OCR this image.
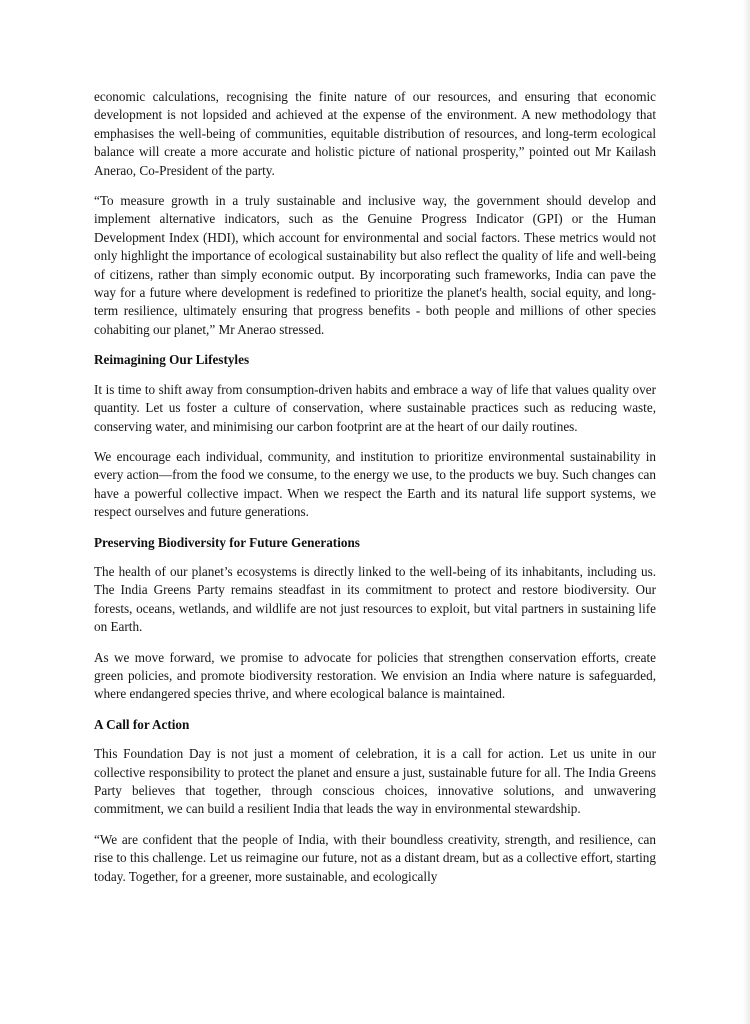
economic calculations, recognising the finite nature of our resources, and ensuring that economic development is not lopsided and achieved at the expense of the environment. A new methodology that emphasises the well-being of communities, equitable distribution of resources, and long-term ecological balance will create a more accurate and holistic picture of national prosperity,” pointed out Mr Kailash Anerao, Co-President of the party.

“To measure growth in a truly sustainable and inclusive way, the government should develop and implement alternative indicators, such as the Genuine Progress Indicator (GPI) or the Human Development Index (HDI), which account for environmental and social factors. These metrics would not only highlight the importance of ecological sustainability but also reflect the quality of life and well-being of citizens, rather than simply economic output. By incorporating such frameworks, India can pave the way for a future where development is redefined to prioritize the planet's health, social equity, and long-term resilience, ultimately ensuring that progress benefits - both people and millions of other species cohabiting our planet,” Mr Anerao stressed.

Reimagining Our Lifestyles

It is time to shift away from consumption-driven habits and embrace a way of life that values quality over quantity. Let us foster a culture of conservation, where sustainable practices such as reducing waste, conserving water, and minimising our carbon footprint are at the heart of our daily routines.

We encourage each individual, community, and institution to prioritize environmental sustainability in every action—from the food we consume, to the energy we use, to the products we buy. Such changes can have a powerful collective impact. When we respect the Earth and its natural life support systems, we respect ourselves and future generations.

Preserving Biodiversity for Future Generations

The health of our planet’s ecosystems is directly linked to the well-being of its inhabitants, including us. The India Greens Party remains steadfast in its commitment to protect and restore biodiversity. Our forests, oceans, wetlands, and wildlife are not just resources to exploit, but vital partners in sustaining life on Earth.

As we move forward, we promise to advocate for policies that strengthen conservation efforts, create green policies, and promote biodiversity restoration. We envision an India where nature is safeguarded, where endangered species thrive, and where ecological balance is maintained.

A Call for Action

This Foundation Day is not just a moment of celebration, it is a call for action. Let us unite in our collective responsibility to protect the planet and ensure a just, sustainable future for all. The India Greens Party believes that together, through conscious choices, innovative solutions, and unwavering commitment, we can build a resilient India that leads the way in environmental stewardship.

“We are confident that the people of India, with their boundless creativity, strength, and resilience, can rise to this challenge. Let us reimagine our future, not as a distant dream, but as a collective effort, starting today. Together, for a greener, more sustainable, and ecologically
